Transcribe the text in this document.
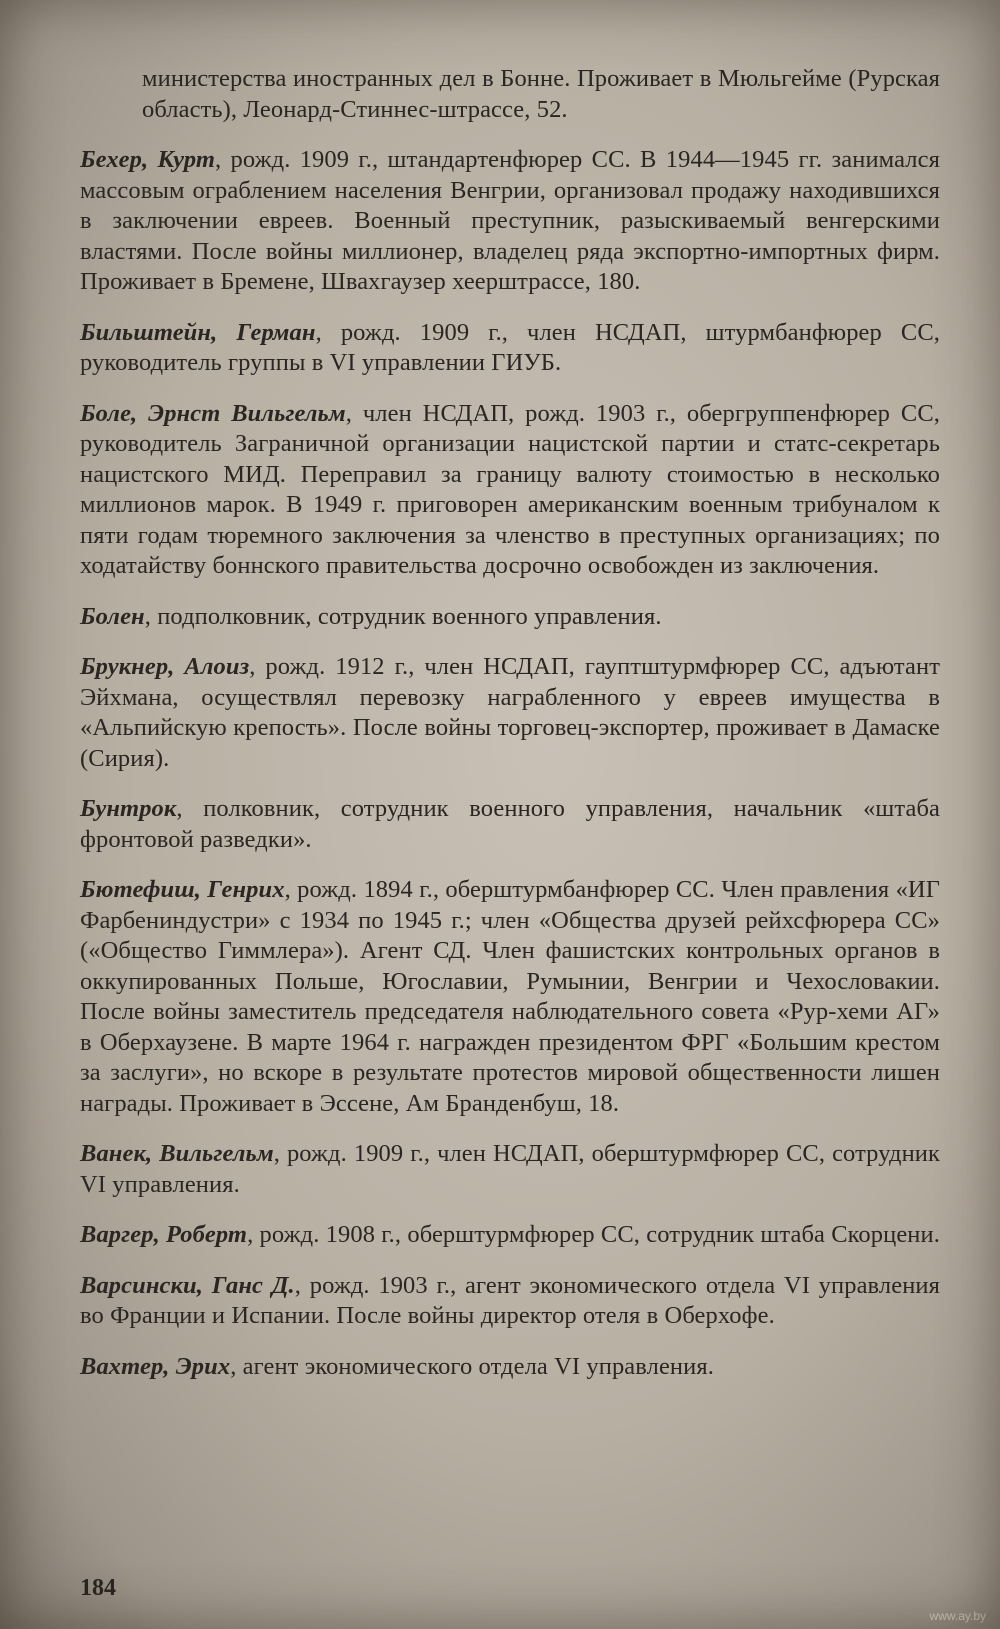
министерства иностранных дел в Бонне. Проживает в Мюльгейме (Рурская область), Леонард-Стиннес-штрассе, 52.

Бехер, Курт, рожд. 1909 г., штандартенфюрер СС. В 1944—1945 гг. занимался массовым ограблением населения Венгрии, организовал продажу находившихся в заключении евреев. Военный преступник, разыскиваемый венгерскими властями. После войны миллионер, владелец ряда экспортно-импортных фирм. Проживает в Бремене, Швахгаузер хеерштрассе, 180.

Бильштейн, Герман, рожд. 1909 г., член НСДАП, штурмбанфюрер СС, руководитель группы в VI управлении ГИУБ.

Боле, Эрнст Вильгельм, член НСДАП, рожд. 1903 г., обергруппенфюрер СС, руководитель Заграничной организации нацистской партии и статс-секретарь нацистского МИД. Переправил за границу валюту стоимостью в несколько миллионов марок. В 1949 г. приговорен американским военным трибуналом к пяти годам тюремного заключения за членство в преступных организациях; по ходатайству боннского правительства досрочно освобожден из заключения.

Болен, подполковник, сотрудник военного управления.

Брукнер, Алоиз, рожд. 1912 г., член НСДАП, гауптштурмфюрер СС, адъютант Эйхмана, осуществлял перевозку награбленного у евреев имущества в «Альпийскую крепость». После войны торговец-экспортер, проживает в Дамаске (Сирия).

Бунтрок, полковник, сотрудник военного управления, начальник «штаба фронтовой разведки».

Бютефиш, Генрих, рожд. 1894 г., оберштурмбанфюрер СС. Член правления «ИГ Фарбениндустри» с 1934 по 1945 г.; член «Общества друзей рейхсфюрера СС» («Общество Гиммлера»). Агент СД. Член фашистских контрольных органов в оккупированных Польше, Югославии, Румынии, Венгрии и Чехословакии. После войны заместитель председателя наблюдательного совета «Рур-хеми АГ» в Оберхаузене. В марте 1964 г. награжден президентом ФРГ «Большим крестом за заслуги», но вскоре в результате протестов мировой общественности лишен награды. Проживает в Эссене, Ам Бранденбуш, 18.

Ванек, Вильгельм, рожд. 1909 г., член НСДАП, оберштурмфюрер СС, сотрудник VI управления.

Варгер, Роберт, рожд. 1908 г., оберштурмфюрер СС, сотрудник штаба Скорцени.

Варсински, Ганс Д., рожд. 1903 г., агент экономического отдела VI управления во Франции и Испании. После войны директор отеля в Оберхофе.

Вахтер, Эрих, агент экономического отдела VI управления.

184
www.ay.by
